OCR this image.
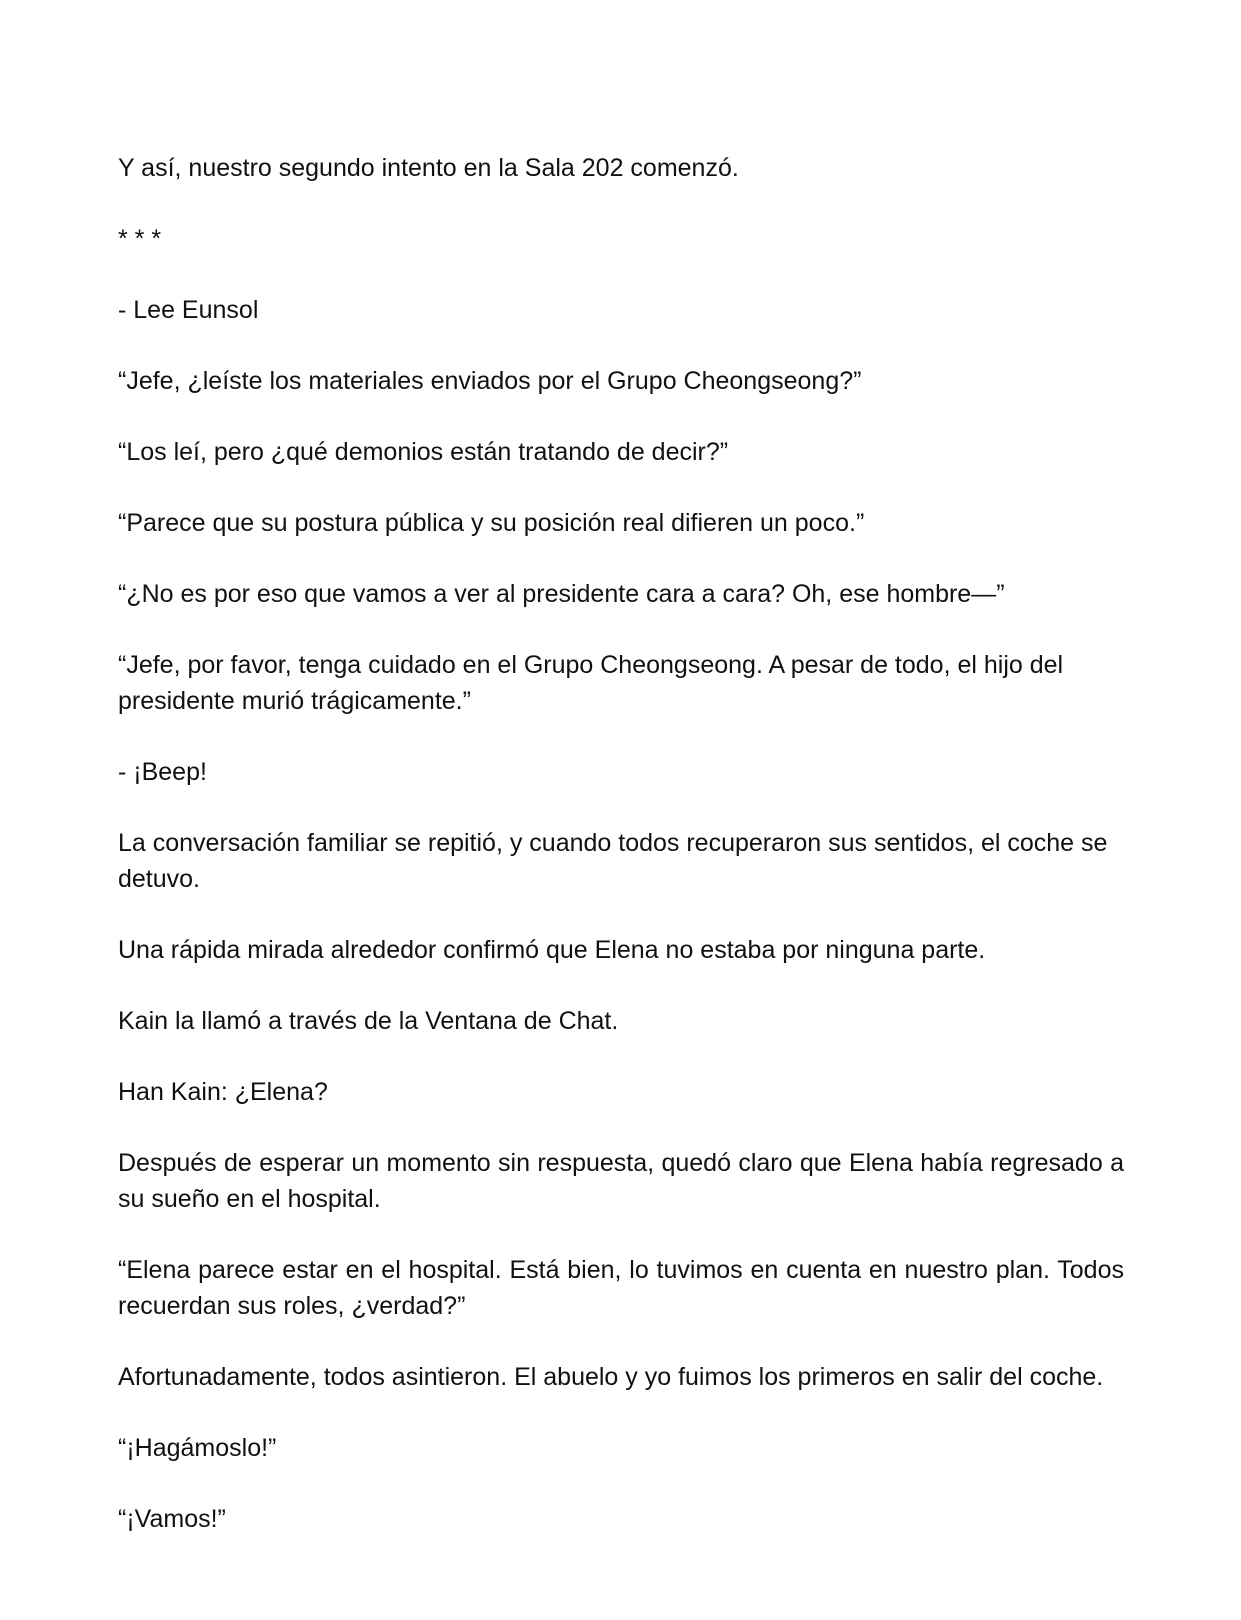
Y así, nuestro segundo intento en la Sala 202 comenzó.

* * *

- Lee Eunsol

“Jefe, ¿leíste los materiales enviados por el Grupo Cheongseong?”

“Los leí, pero ¿qué demonios están tratando de decir?”

“Parece que su postura pública y su posición real difieren un poco.”

“¿No es por eso que vamos a ver al presidente cara a cara? Oh, ese hombre—”

“Jefe, por favor, tenga cuidado en el Grupo Cheongseong. A pesar de todo, el hijo del presidente murió trágicamente.”

- ¡Beep!

La conversación familiar se repitió, y cuando todos recuperaron sus sentidos, el coche se detuvo.

Una rápida mirada alrededor confirmó que Elena no estaba por ninguna parte.

Kain la llamó a través de la Ventana de Chat.

Han Kain: ¿Elena?

Después de esperar un momento sin respuesta, quedó claro que Elena había regresado a su sueño en el hospital.

“Elena parece estar en el hospital. Está bien, lo tuvimos en cuenta en nuestro plan. Todos recuerdan sus roles, ¿verdad?”

Afortunadamente, todos asintieron. El abuelo y yo fuimos los primeros en salir del coche.

“¡Hagámoslo!”

“¡Vamos!”
